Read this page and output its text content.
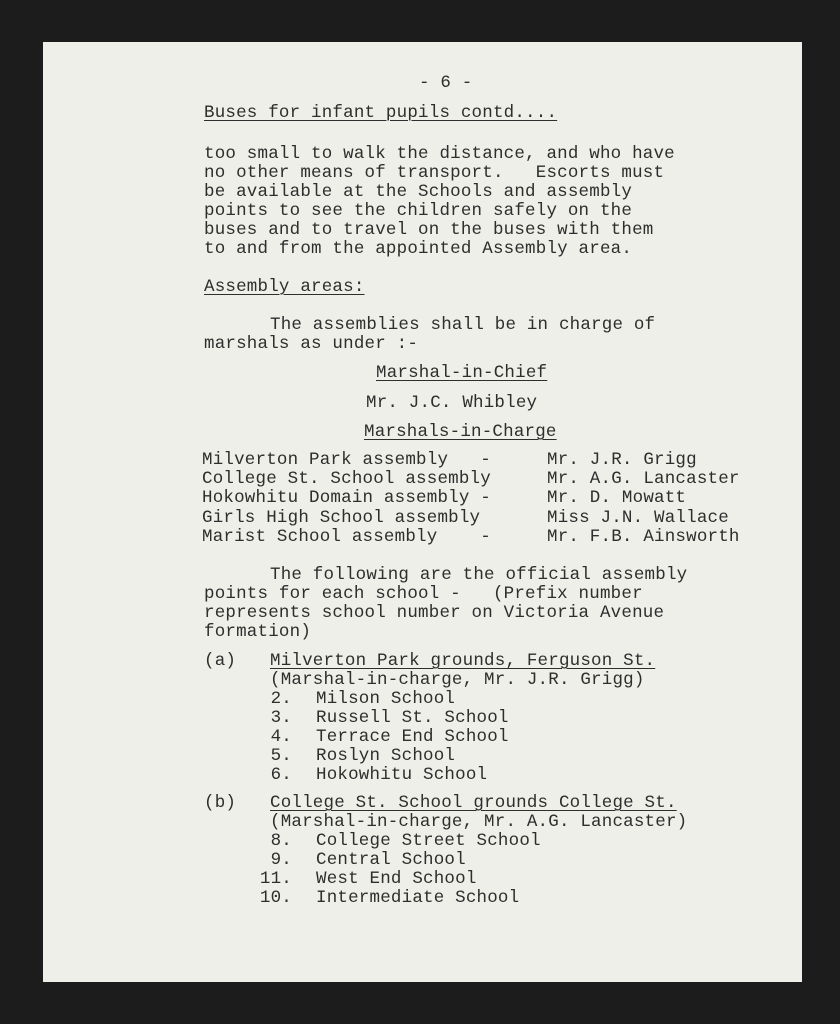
- 6 -
Buses for infant pupils contd....
too small to walk the distance, and who have
no other means of transport.   Escorts must
be available at the Schools and assembly
points to see the children safely on the
buses and to travel on the buses with them
to and from the appointed Assembly area.
Assembly areas:
The assemblies shall be in charge of
marshals as under :-
Marshal-in-Chief
Mr. J.C. Whibley
Marshals-in-Charge
Milverton Park assembly   -	Mr. J.R. Grigg
College St. School assembly	Mr. A.G. Lancaster
Hokowhitu Domain assembly -	Mr. D. Mowatt
Girls High School assembly	Miss J.N. Wallace
Marist School assembly    -	Mr. F.B. Ainsworth
The following are the official assembly
points for each school -   (Prefix number
represents school number on Victoria Avenue
formation)
(a) Milverton Park grounds, Ferguson St.
(Marshal-in-charge, Mr. J.R. Grigg)
2. Milson School
3. Russell St. School
4. Terrace End School
5. Roslyn School
6. Hokowhitu School
(b) College St. School grounds College St.
(Marshal-in-charge, Mr. A.G. Lancaster)
8. College Street School
9. Central School
11. West End School
10. Intermediate School
